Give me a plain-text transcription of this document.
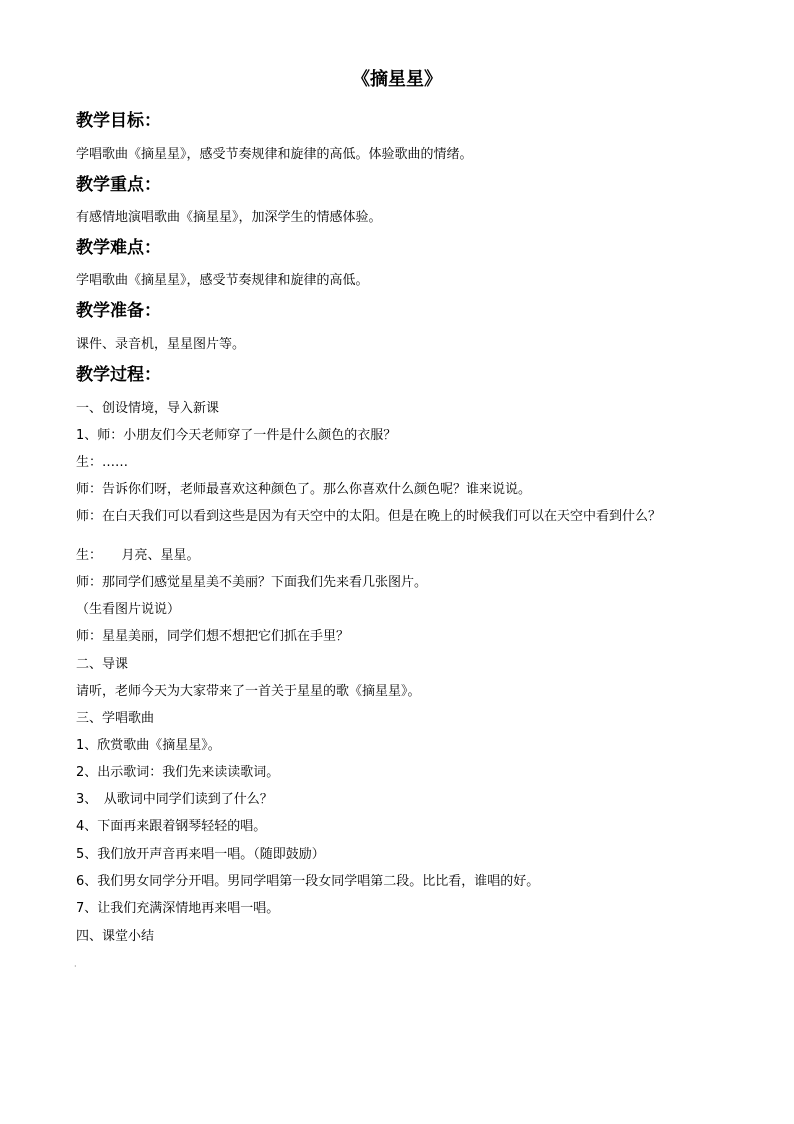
《摘星星》
教学目标：
学唱歌曲《摘星星》，感受节奏规律和旋律的高低。体验歌曲的情绪。
教学重点：
有感情地演唱歌曲《摘星星》，加深学生的情感体验。
教学难点：
学唱歌曲《摘星星》，感受节奏规律和旋律的高低。
教学准备：
课件、录音机，星星图片等。
教学过程：
一、创设情境，导入新课
1、师：小朋友们今天老师穿了一件是什么颜色的衣服？
生：……
师：告诉你们呀，老师最喜欢这种颜色了。那么你喜欢什么颜色呢？谁来说说。
师：在白天我们可以看到这些是因为有天空中的太阳。但是在晚上的时候我们可以在天空中看到什么？
生：　　月亮、星星。
师：那同学们感觉星星美不美丽？下面我们先来看几张图片。
（生看图片说说）
师：星星美丽，同学们想不想把它们抓在手里？
二、导课
请听，老师今天为大家带来了一首关于星星的歌《摘星星》。
三、学唱歌曲
1、欣赏歌曲《摘星星》。
2、出示歌词：我们先来读读歌词。
3、　从歌词中同学们读到了什么？
4、下面再来跟着钢琴轻轻的唱。
5、我们放开声音再来唱一唱。（随即鼓励）
6、我们男女同学分开唱。男同学唱第一段女同学唱第二段。比比看，谁唱的好。
7、让我们充满深情地再来唱一唱。
四、课堂小结
·
